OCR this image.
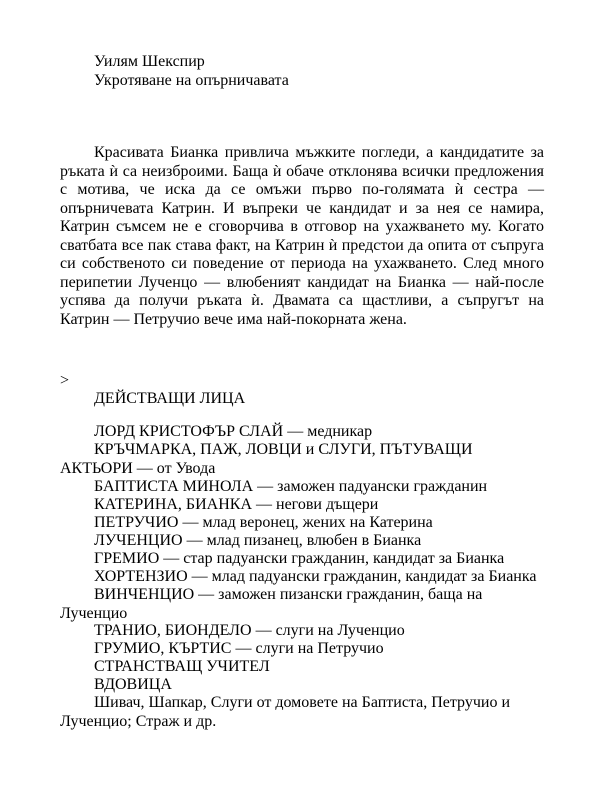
Уилям Шекспир
Укротяване на опърничавата
Красивата Бианка привлича мъжките погледи, а кандидатите за ръката ѝ са неизброими. Баща ѝ обаче отклонява всички предложения с мотива, че иска да се омъжи първо по-голямата ѝ сестра — опърничевата Катрин. И въпреки че кандидат и за нея се намира, Катрин съмсем не е сговорчива в отговор на ухажването му. Когато сватбата все пак става факт, на Катрин ѝ предстои да опита от съпруга си собственото си поведение от периода на ухажването. След много перипетии Лученцо — влюбеният кандидат на Бианка — най-после успява да получи ръката ѝ. Двамата са щастливи, а съпругът на Катрин — Петручио вече има най-покорната жена.
>
ДЕЙСТВАЩИ ЛИЦА
ЛОРД КРИСТОФЪР СЛАЙ — медникар
КРЪЧМАРКА, ПАЖ, ЛОВЦИ и СЛУГИ, ПЪТУВАЩИ АКТЬОРИ — от Увода
БАПТИСТА МИНОЛА — заможен падуански гражданин
КАТЕРИНА, БИАНКА — негови дъщери
ПЕТРУЧИО — млад веронец, жених на Катерина
ЛУЧЕНЦИО — млад пизанец, влюбен в Бианка
ГРЕМИО — стар падуански гражданин, кандидат за Бианка
ХОРТЕНЗИО — млад падуански гражданин, кандидат за Бианка
ВИНЧЕНЦИО — заможен пизански гражданин, баща на Лученцио
ТРАНИО, БИОНДЕЛО — слуги на Лученцио
ГРУМИО, КЪРТИС — слуги на Петручио
СТРАНСТВАЩ УЧИТЕЛ
ВДОВИЦА
Шивач, Шапкар, Слуги от домовете на Баптиста, Петручио и Лученцио; Страж и др.
